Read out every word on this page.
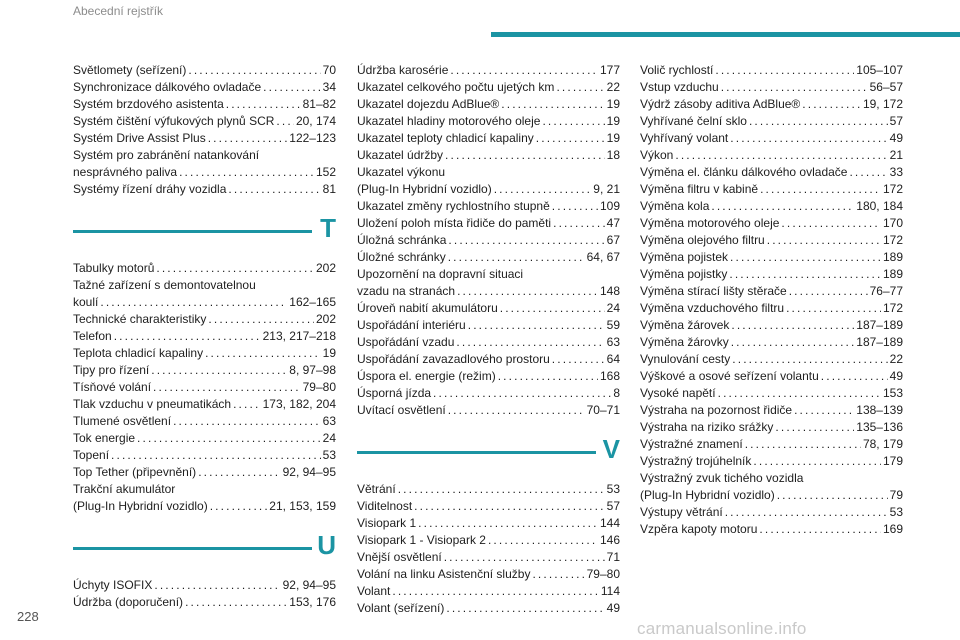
Abecední rejstřík
Světlomety (seřízení) . . .	70
Synchronizace dálkového ovladače . . .	34
Systém brzdového asistenta . . .	81–82
Systém čištění výfukových plynů SCR . . . 20, 174
Systém Drive Assist Plus . . .	122–123
Systém pro zabránění natankování
nesprávného paliva . . .	152
Systémy řízení dráhy vozidla . . .	81
T
Tabulky motorů . . .	202
Tažné zařízení s demontovatelnou
koulí . . .	162–165
Technické charakteristiky . . .	202
Telefon . . .	213, 217–218
Teplota chladicí kapaliny . . .	19
Tipy pro řízení . . .	8, 97–98
Tísňové volání . . .	79–80
Tlak vzduchu v pneumatikách . . .	173, 182, 204
Tlumené osvětlení . . .	63
Tok energie . . .	24
Topení . . .	53
Top Tether (připevnění) . . .	92, 94–95
Trakční akumulátor
(Plug-In Hybridní vozidlo) . . .	21, 153, 159
U
Úchyty ISOFIX . . .	92, 94–95
Údržba (doporučení) . . .	153, 176
Údržba karosérie . . .	177
Ukazatel celkového počtu ujetých km . . .	22
Ukazatel dojezdu AdBlue® . . .	19
Ukazatel hladiny motorového oleje . . .	19
Ukazatel teploty chladicí kapaliny . . .	19
Ukazatel údržby . . .	18
Ukazatel výkonu
(Plug-In Hybridní vozidlo) . . .	9, 21
Ukazatel změny rychlostního stupně . . .	109
Uložení poloh místa řidiče do paměti . . .	47
Úložná schránka . . .	67
Úložné schránky . . .	64, 67
Upozornění na dopravní situaci
vzadu na stranách . . .	148
Úroveň nabití akumulátoru . . .	24
Uspořádání interiéru . . .	59
Uspořádání vzadu . . .	63
Uspořádání zavazadlového prostoru . . .	64
Úspora el. energie (režim) . . .	168
Úsporná jízda . . .	8
Uvítací osvětlení . . .	70–71
V
Větrání . . .	53
Viditelnost . . .	57
Visiopark 1 . . .	144
Visiopark 1 - Visiopark 2 . . .	146
Vnější osvětlení . . .	71
Volání na linku Asistenční služby . . .	79–80
Volant . . .	114
Volant (seřízení) . . .	49
Volič rychlostí . . .	105–107
Vstup vzduchu . . .	56–57
Výdrž zásoby aditiva AdBlue® . . .	19, 172
Vyhřívané čelní sklo . . .	57
Vyhřívaný volant . . .	49
Výkon . . .	21
Výměna el. článku dálkového ovladače . . .	33
Výměna filtru v kabině . . .	172
Výměna kola . . .	180, 184
Výměna motorového oleje . . .	170
Výměna olejového filtru . . .	172
Výměna pojistek . . .	189
Výměna pojistky . . .	189
Výměna stírací lišty stěrače . . .	76–77
Výměna vzduchového filtru . . .	172
Výměna žárovek . . .	187–189
Výměna žárovky . . .	187–189
Vynulování cesty . . .	22
Výškové a osové seřízení volantu . . .	49
Vysoké napětí . . .	153
Výstraha na pozornost řidiče . . .	138–139
Výstraha na riziko srážky . . .	135–136
Výstražné znamení . . .	78, 179
Výstražný trojúhelník . . .	179
Výstražný zvuk tichého vozidla
(Plug-In Hybridní vozidlo) . . .	79
Výstupy větrání . . .	53
Vzpěra kapoty motoru . . .	169
228
carmanualsonline.info
